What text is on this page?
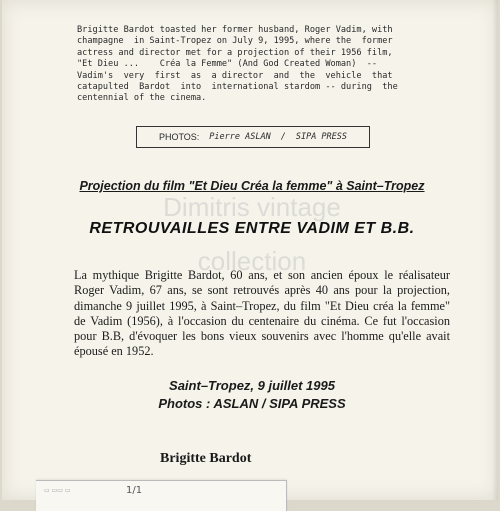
Brigitte Bardot toasted her former husband, Roger Vadim, with
champagne  in Saint-Tropez on July 9, 1995, where the  former
actress and director met for a projection of their 1956 film,
"Et Dieu ...    Créa la Femme" (And God Created Woman)  --
Vadim's  very  first  as  a director  and  the  vehicle  that
catapulted  Bardot  into  international stardom -- during  the
centennial of the cinema.
PHOTOS: Pierre ASLAN / SIPA PRESS
Projection du film "Et Dieu Créa la femme" à Saint–Tropez
Dimitris vintage
RETROUVAILLES ENTRE VADIM ET B.B.
collection
La mythique Brigitte Bardot, 60 ans, et son ancien époux le réalisateur Roger Vadim, 67 ans, se sont retrouvés après 40 ans pour la projection, dimanche 9 juillet 1995, à Saint–Tropez, du film "Et Dieu créa la femme" de Vadim (1956), à l'occasion du centenaire du cinéma. Ce fut l'occasion pour B.B, d'évoquer les bons vieux souvenirs avec l'homme qu'elle avait épousé en 1952.
Saint–Tropez, 9 juillet 1995
Photos : ASLAN / SIPA PRESS
Brigitte Bardot
▭ ▭▭ ▭	1/1
